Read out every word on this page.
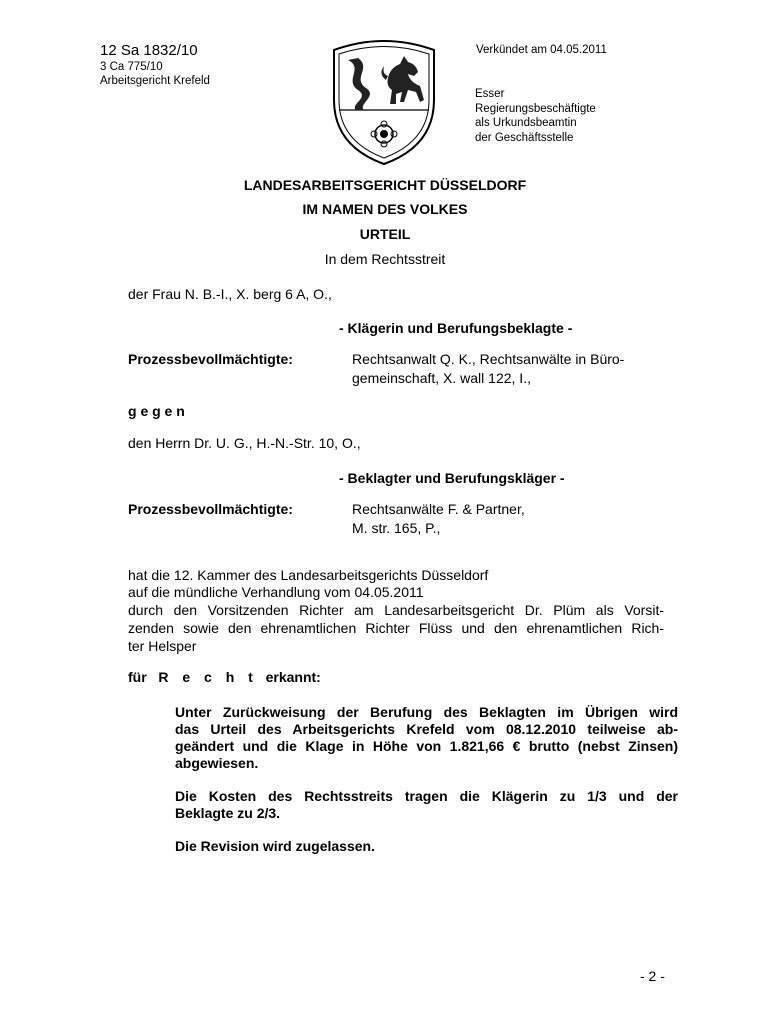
12 Sa 1832/10
3 Ca 775/10
Arbeitsgericht Krefeld
Verkündet am 04.05.2011
Esser
Regierungsbeschäftigte
als Urkundsbeamtin
der Geschäftsstelle
LANDESARBEITSGERICHT DÜSSELDORF
IM NAMEN DES VOLKES
URTEIL
In dem Rechtsstreit
der Frau N. B.-I., X. berg 6 A, O.,
- Klägerin und Berufungsbeklagte -
Prozessbevollmächtigte:	Rechtsanwalt Q. K., Rechtsanwälte in Büro-
gemeinschaft, X. wall 122, I.,
g e g e n
den Herrn Dr. U. G., H.-N.-Str. 10, O.,
- Beklagter und Berufungskläger -
Prozessbevollmächtigte:	Rechtsanwälte F. & Partner,
M. str. 165, P.,
hat die 12. Kammer des Landesarbeitsgerichts Düsseldorf
auf die mündliche Verhandlung vom 04.05.2011
durch den Vorsitzenden Richter am Landesarbeitsgericht Dr. Plüm als Vorsit-
zenden sowie den ehrenamtlichen Richter Flüss und den ehrenamtlichen Rich-
ter Helsper
für R e c h t erkannt:
Unter Zurückweisung der Berufung des Beklagten im Übrigen wird
das Urteil des Arbeitsgerichts Krefeld vom 08.12.2010 teilweise ab-
geändert und die Klage in Höhe von 1.821,66 € brutto (nebst Zinsen)
abgewiesen.
Die Kosten des Rechtsstreits tragen die Klägerin zu 1/3 und der
Beklagte zu 2/3.
Die Revision wird zugelassen.
- 2 -
